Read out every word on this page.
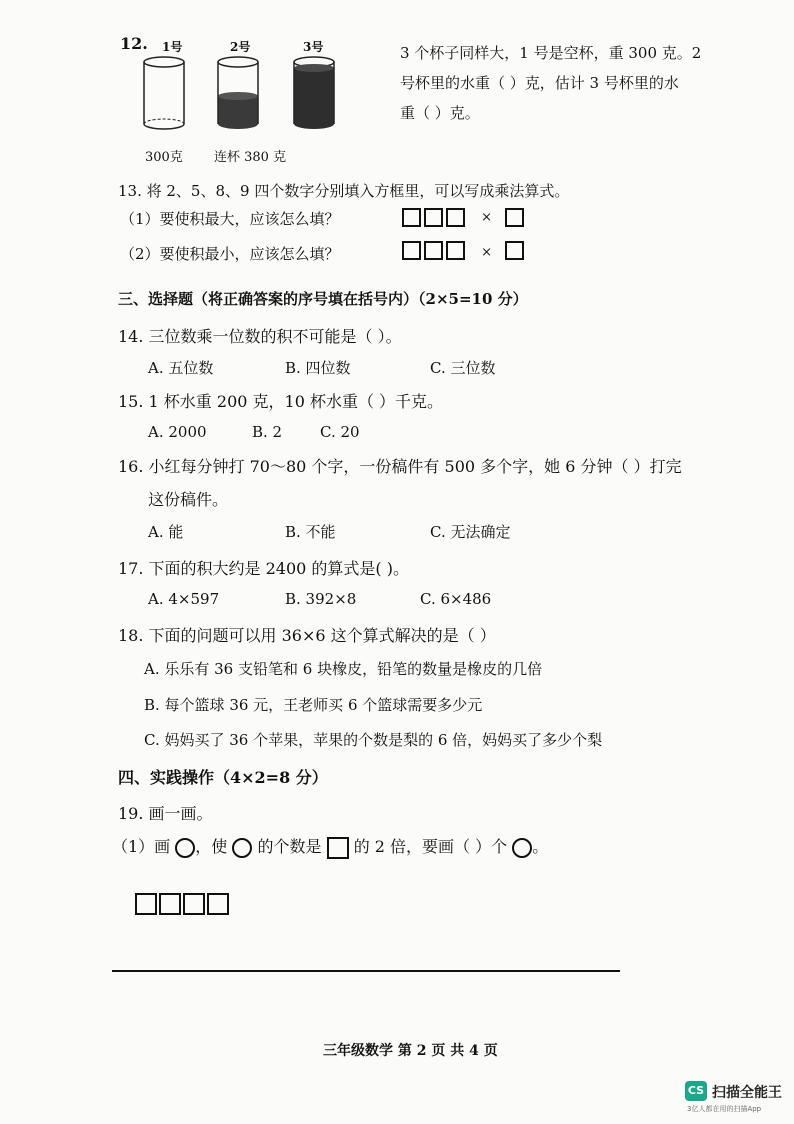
12. 1号	2号	3号
300克 连杯 380 克
3 个杯子同样大，1 号是空杯，重 300 克。2
号杯里的水重（ ）克，估计 3 号杯里的水
重（ ）克。
13. 将 2、5、8、9 四个数字分别填入方框里，可以写成乘法算式。
（1）要使积最大，应该怎么填？	×
（2）要使积最小，应该怎么填？	×
三、选择题（将正确答案的序号填在括号内）（2×5=10 分）
14. 三位数乘一位数的积不可能是（ ）。
A. 五位数	B. 四位数	C. 三位数
15. 1 杯水重 200 克，10 杯水重（ ）千克。
A. 2000	B. 2	C. 20
16. 小红每分钟打 70～80 个字，一份稿件有 500 多个字，她 6 分钟（ ）打完
这份稿件。
A. 能	B. 不能	C. 无法确定
17. 下面的积大约是 2400 的算式是( )。
A. 4×597	B. 392×8	C. 6×486
18. 下面的问题可以用 36×6 这个算式解决的是（ ）
A. 乐乐有 36 支铅笔和 6 块橡皮，铅笔的数量是橡皮的几倍
B. 每个篮球 36 元，王老师买 6 个篮球需要多少元
C. 妈妈买了 36 个苹果，苹果的个数是梨的 6 倍，妈妈买了多少个梨
四、实践操作（4×2=8 分）
19. 画一画。
（1）画 ，使 的个数是 的 2 倍，要画（ ）个 。
三年级数学 第 2 页 共 4 页
CS 扫描全能王
3亿人都在用的扫描App
